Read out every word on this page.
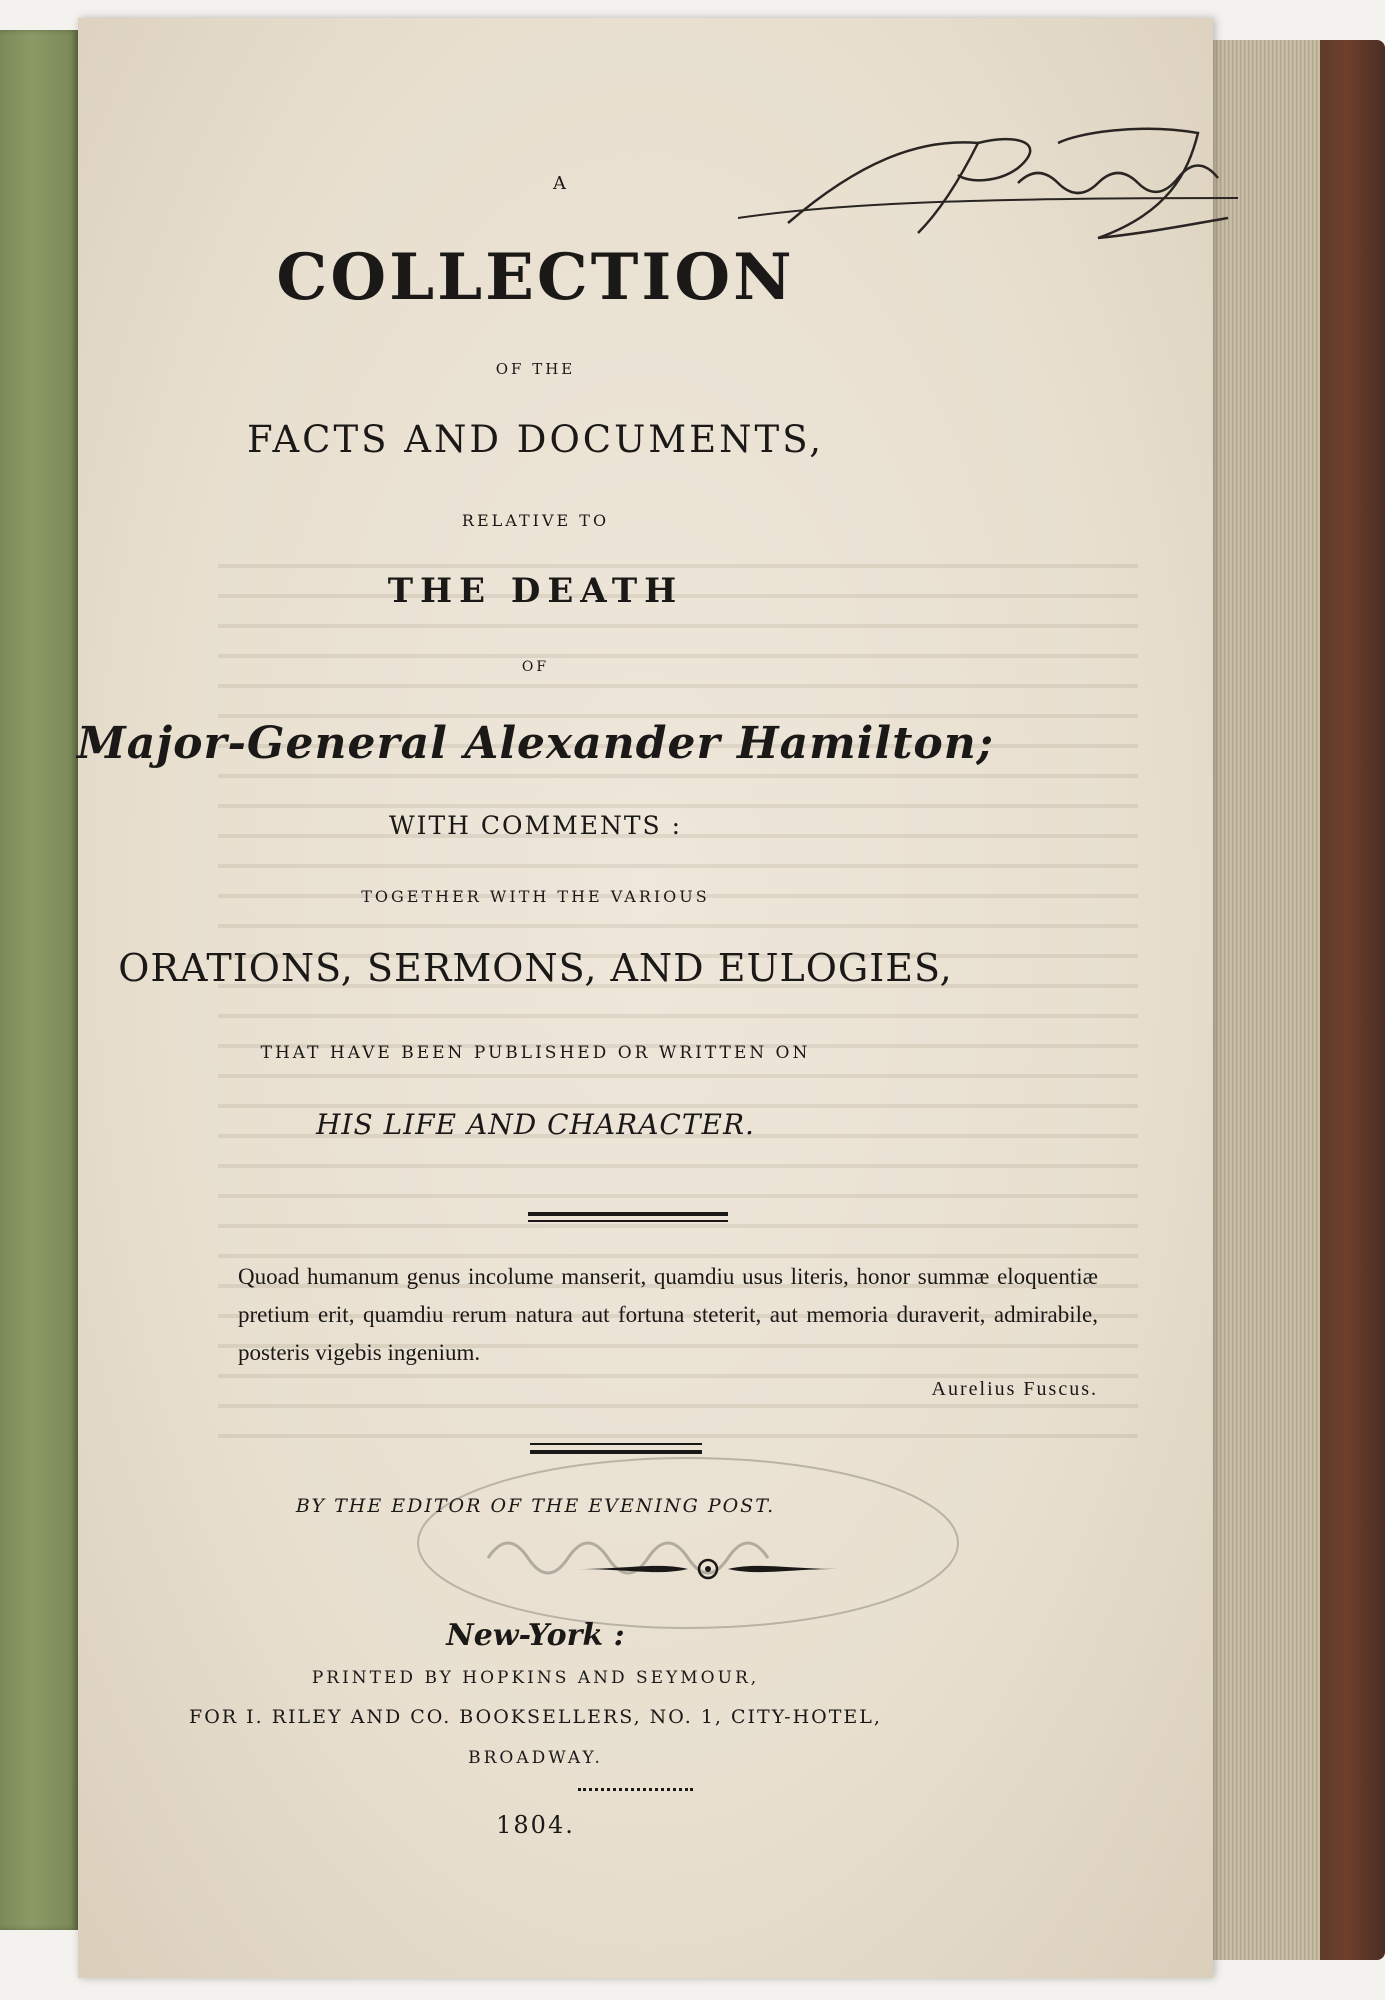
A
COLLECTION
OF THE
FACTS AND DOCUMENTS,
RELATIVE TO
THE DEATH
OF
Major-General Alexander Hamilton;
WITH COMMENTS :
TOGETHER WITH THE VARIOUS
ORATIONS, SERMONS, AND EULOGIES,
THAT HAVE BEEN PUBLISHED OR WRITTEN ON
HIS LIFE AND CHARACTER.
Quoad humanum genus incolume manserit, quamdiu usus literis, honor summæ eloquentiæ pretium erit, quamdiu rerum natura aut fortuna steterit, aut memoria duraverit, admirabile, posteris vigebis ingenium.
Aurelius Fuscus.
BY THE EDITOR OF THE EVENING POST.
New-York :
PRINTED BY HOPKINS AND SEYMOUR,
FOR I. RILEY AND CO. BOOKSELLERS, NO. 1, CITY-HOTEL,
BROADWAY.
1804.
